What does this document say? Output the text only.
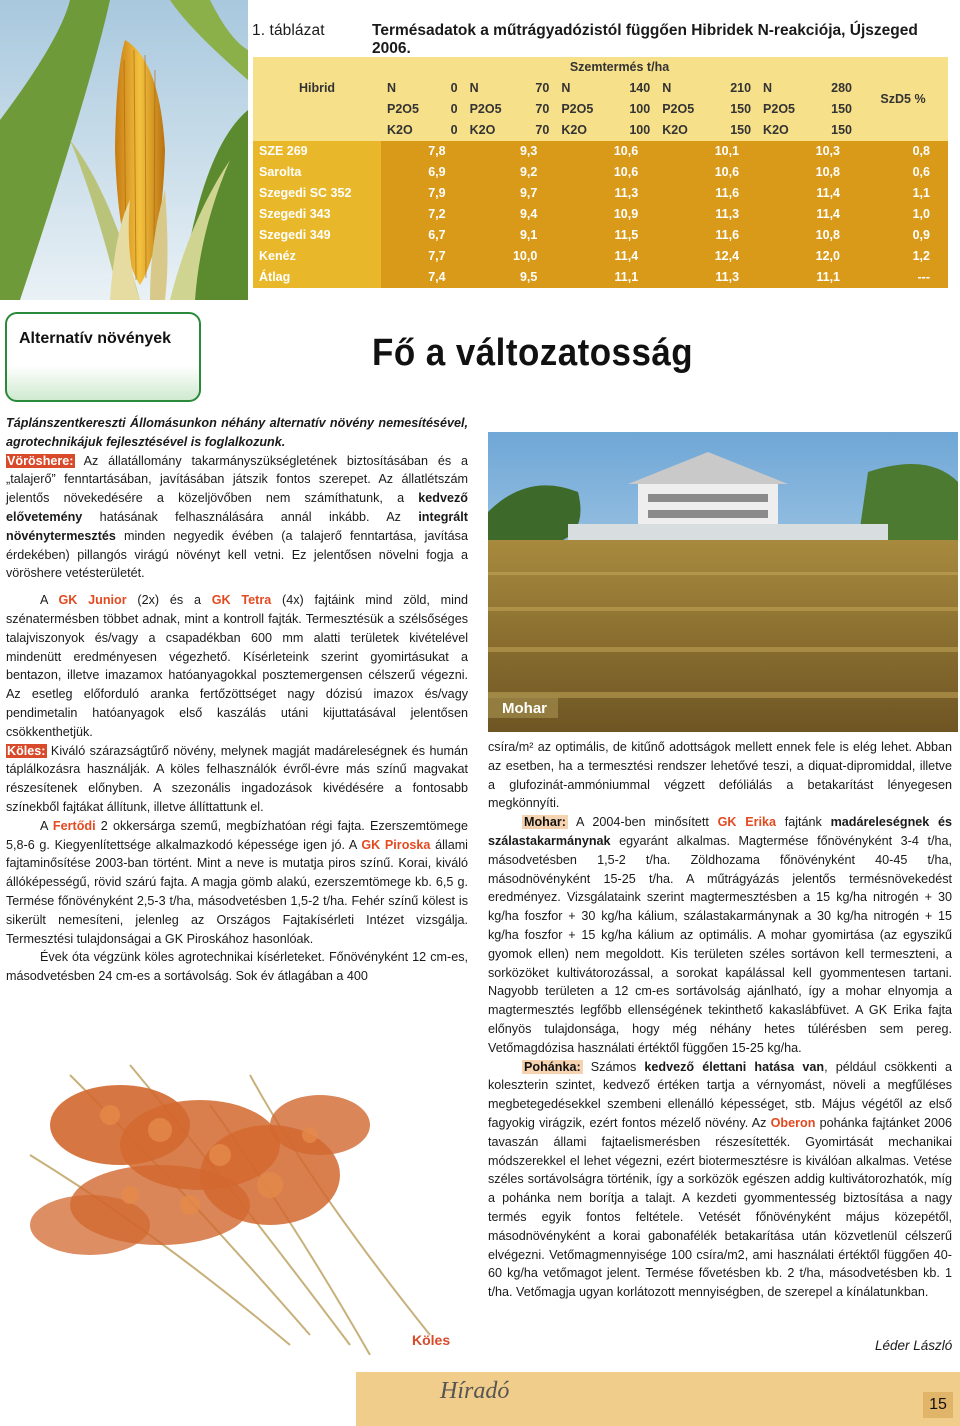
1. táblázat	Termésadatok a műtrágyadózistól függően Hibridek N-reakciója, Újszeged 2006.
Hibrid	Szemtermés t/ha										SzD5 %
	N	0	N	70	N	140	N	210	N	280	
	P2O5	0	P2O5	70	P2O5	100	P2O5	150	P2O5	150	
	K2O	0	K2O	70	K2O	100	K2O	150	K2O	150	
SZE 269	7,8		9,3		10,6		10,1		10,3		0,8
Sarolta	6,9		9,2		10,6		10,6		10,8		0,6
Szegedi SC 352	7,9		9,7		11,3		11,6		11,4		1,1
Szegedi 343	7,2		9,4		10,9		11,3		11,4		1,0
Szegedi 349	6,7		9,1		11,5		11,6		10,8		0,9
Kenéz	7,7		10,0		11,4		12,4		12,0		1,2
Átlag	7,4		9,5		11,1		11,3		11,1		---
Alternatív növények	Fő a változatosság

Táplánszentkereszti Állomásunkon néhány alternatív növény nemesítésével, agrotechnikájuk fejlesztésével is foglalkozunk.

Vöröshere: Az állatállomány takarmányszükségletének biztosításában és a „talajerő” fenntartásában, javításában játszik fontos szerepet. Az állatlétszám jelentős növekedésére a közeljövőben nem számíthatunk, a kedvező elővetemény hatásának felhasználására annál inkább. Az integrált növénytermesztés minden negyedik évében (a talajerő fenntartása, javítása érdekében) pillangós virágú növényt kell vetni. Ez jelentősen növelni fogja a vöröshere vetésterületét.

A GK Junior (2x) és a GK Tetra (4x) fajtáink mind zöld, mind szénatermésben többet adnak, mint a kontroll fajták. Termesztésük a szélsőséges talajviszonyok és/vagy a csapadékban 600 mm alatti területek kivételével mindenütt eredményesen végezhető. Kísérleteink szerint gyomirtásukat a bentazon, illetve imazamox hatóanyagokkal posztemergensen célszerű végezni. Az esetleg előforduló aranka fertőzöttséget nagy dózisú imazox és/vagy pendimetalin hatóanyagok első kaszálás utáni kijuttatásával jelentősen csökkenthetjük.

Köles: Kiváló szárazságtűrő növény, melynek magját madáreleségnek és humán táplálkozásra használják. A köles felhasználók évről-évre más színű magvakat részesítenek előnyben. A szezonális ingadozások kivédésére a fontosabb színekből fajtákat állítunk, illetve állíttattunk el.

A Fertődi 2 okkersárga szemű, megbízhatóan régi fajta. Ezerszemtömege 5,8-6 g. Kiegyenlítettsége alkalmazkodó képessége igen jó. A GK Piroska állami fajtaminősítése 2003-ban történt. Mint a neve is mutatja piros színű. Korai, kiváló állóképességű, rövid szárú fajta. A magja gömb alakú, ezerszemtömege kb. 6,5 g. Termése főnövényként 2,5-3 t/ha, másodvetésben 1,5-2 t/ha. Fehér színű kölest is sikerült nemesíteni, jelenleg az Országos Fajtakísérleti Intézet vizsgálja. Termesztési tulajdonságai a GK Piroskához hasonlóak.

Évek óta végzünk köles agrotechnikai kísérleteket. Főnövényként 12 cm-es, másodvetésben 24 cm-es a sortávolság. Sok év átlagában a 400

Mohar
Köles

csíra/m² az optimális, de kitűnő adottságok mellett ennek fele is elég lehet. Abban az esetben, ha a termesztési rendszer lehetővé teszi, a diquat-dipromiddal, illetve a glufozinát-ammóniummal végzett defóliálás a betakarítást lényegesen megkönnyíti.

Mohar: A 2004-ben minősített GK Erika fajtánk madáreleségnek és szálastakarmánynak egyaránt alkalmas. Magtermése főnövényként 3-4 t/ha, másodvetésben 1,5-2 t/ha. Zöldhozama főnövényként 40-45 t/ha, másodnövényként 15-25 t/ha. A műtrágyázás jelentős termésnövekedést eredményez. Vizsgálataink szerint magtermesztésben a 15 kg/ha nitrogén + 30 kg/ha foszfor + 30 kg/ha kálium, szálastakarmánynak a 30 kg/ha nitrogén + 15 kg/ha foszfor + 15 kg/ha kálium az optimális. A mohar gyomirtása (az egyszikű gyomok ellen) nem megoldott. Kis területen széles sortávon kell termeszteni, a sorközöket kultivátorozással, a sorokat kapálással kell gyommentesen tartani. Nagyobb területen a 12 cm-es sortávolság ajánlható, így a mohar elnyomja a magtermesztés legfőbb ellenségének tekinthető kakaslábfüvet. A GK Erika fajta előnyös tulajdonsága, hogy még néhány hetes túlérésben sem pereg. Vetőmagdózisa használati értéktől függően 15-25 kg/ha.

Pohánka: Számos kedvező élettani hatása van, például csökkenti a koleszterin szintet, kedvező értéken tartja a vérnyomást, növeli a megfűléses megbetegedésekkel szembeni ellenálló képességet, stb. Május végétől az első fagyokig virágzik, ezért fontos mézelő növény. Az Oberon pohánka fajtánket 2006 tavaszán állami fajtaelismerésben részesítették. Gyomirtását mechanikai módszerekkel el lehet végezni, ezért biotermesztésre is kiválóan alkalmas. Vetése széles sortávolságra történik, így a sorközök egészen addig kultivátorozhatók, míg a pohánka nem borítja a talajt. A kezdeti gyommentesség biztosítása a nagy termés egyik fontos feltétele. Vetését főnövényként május közepétől, másodnövényként a korai gabonafélék betakarítása után közvetlenül célszerű elvégezni. Vetőmagmennyisége 100 csíra/m2, ami használati értéktől függően 40-60 kg/ha vetőmagot jelent. Termése fővetésben kb. 2 t/ha, másodvetésben kb. 1 t/ha. Vetőmagja ugyan korlátozott mennyiségben, de szerepel a kínálatunkban.

Léder László
Híradó
15
